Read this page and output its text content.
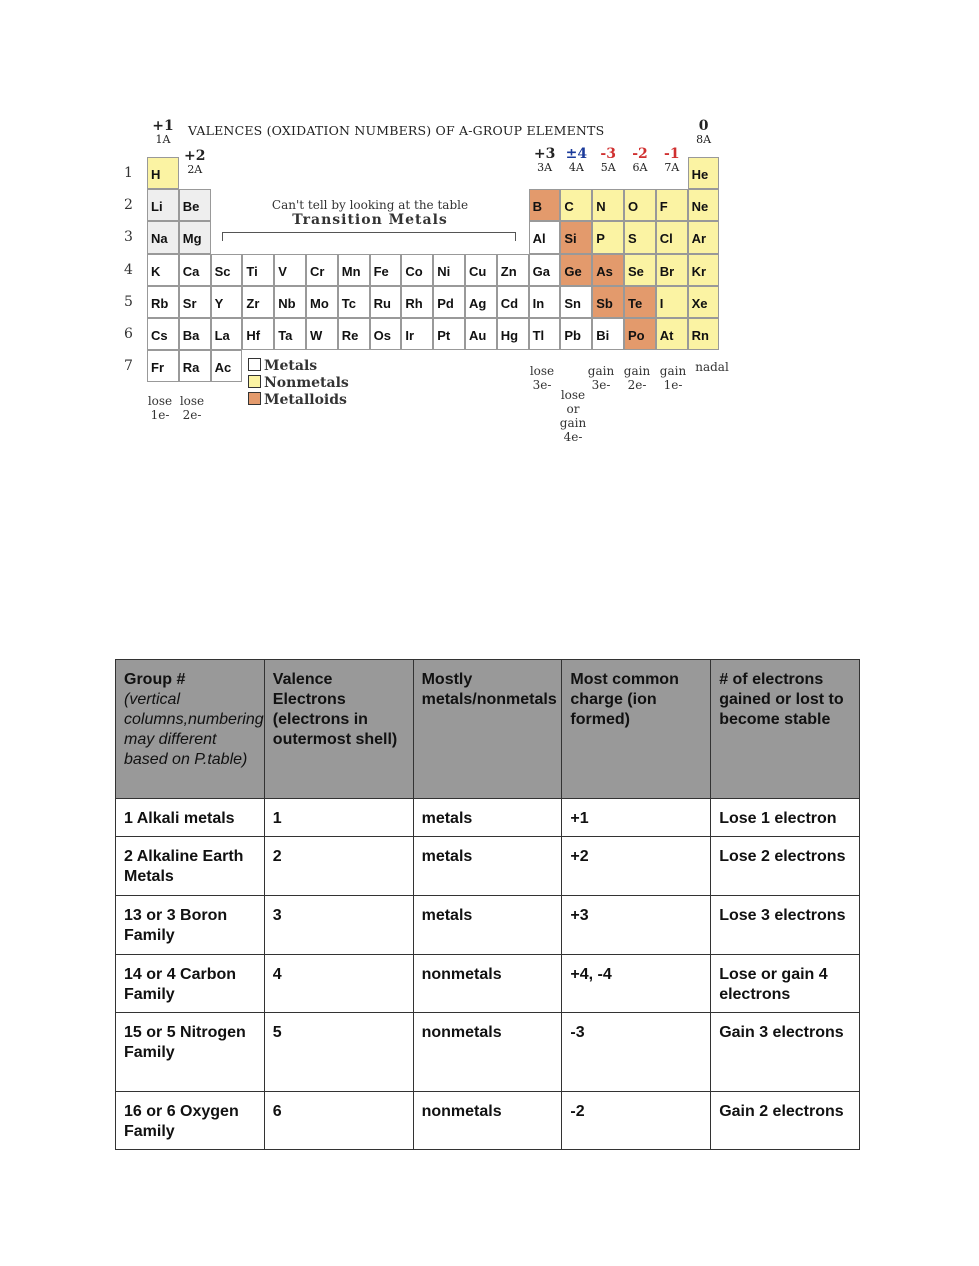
VALENCES (OXIDATION NUMBERS) OF A-GROUP ELEMENTS
Can't tell by looking at the table
Transition Metals
Metals
Nonmetals
Metalloids
lose 1e-
lose 2e-
lose 3e-
lose or gain 4e-
gain 3e-
gain 2e-
gain 1e-
nadal
H	He
Li Be	B C N O F Ne
Na Mg	Al Si P S Cl Ar
K Ca Sc Ti V Cr Mn Fe Co Ni Cu Zn Ga Ge As Se Br Kr
Rb Sr Y Zr Nb Mo Tc Ru Rh Pd Ag Cd In Sn Sb Te I Xe
Cs Ba La Hf Ta W Re Os Ir Pt Au Hg Tl Pb Bi Po At Rn
Fr Ra Ac
1
2
3
4
5
6
7
+1
1A
+2
2A
+3
3A
±4
4A
-3
5A
-2
6A
-1
7A
0
8A
Group #
(vertical columns,numbering may different based on P.table)	Valence Electrons (electrons in outermost shell)	Mostly metals/nonmetals	Most common charge (ion formed)	# of electrons gained or lost to become stable
1 Alkali metals	1	metals	+1	Lose 1 electron
2 Alkaline Earth Metals	2	metals	+2	Lose 2 electrons
13 or 3 Boron Family	3	metals	+3	Lose 3 electrons
14 or 4 Carbon Family	4	nonmetals	+4, -4	Lose or gain 4 electrons
15 or 5 Nitrogen Family	5	nonmetals	-3	Gain 3 electrons
16 or 6 Oxygen Family	6	nonmetals	-2	Gain 2 electrons
